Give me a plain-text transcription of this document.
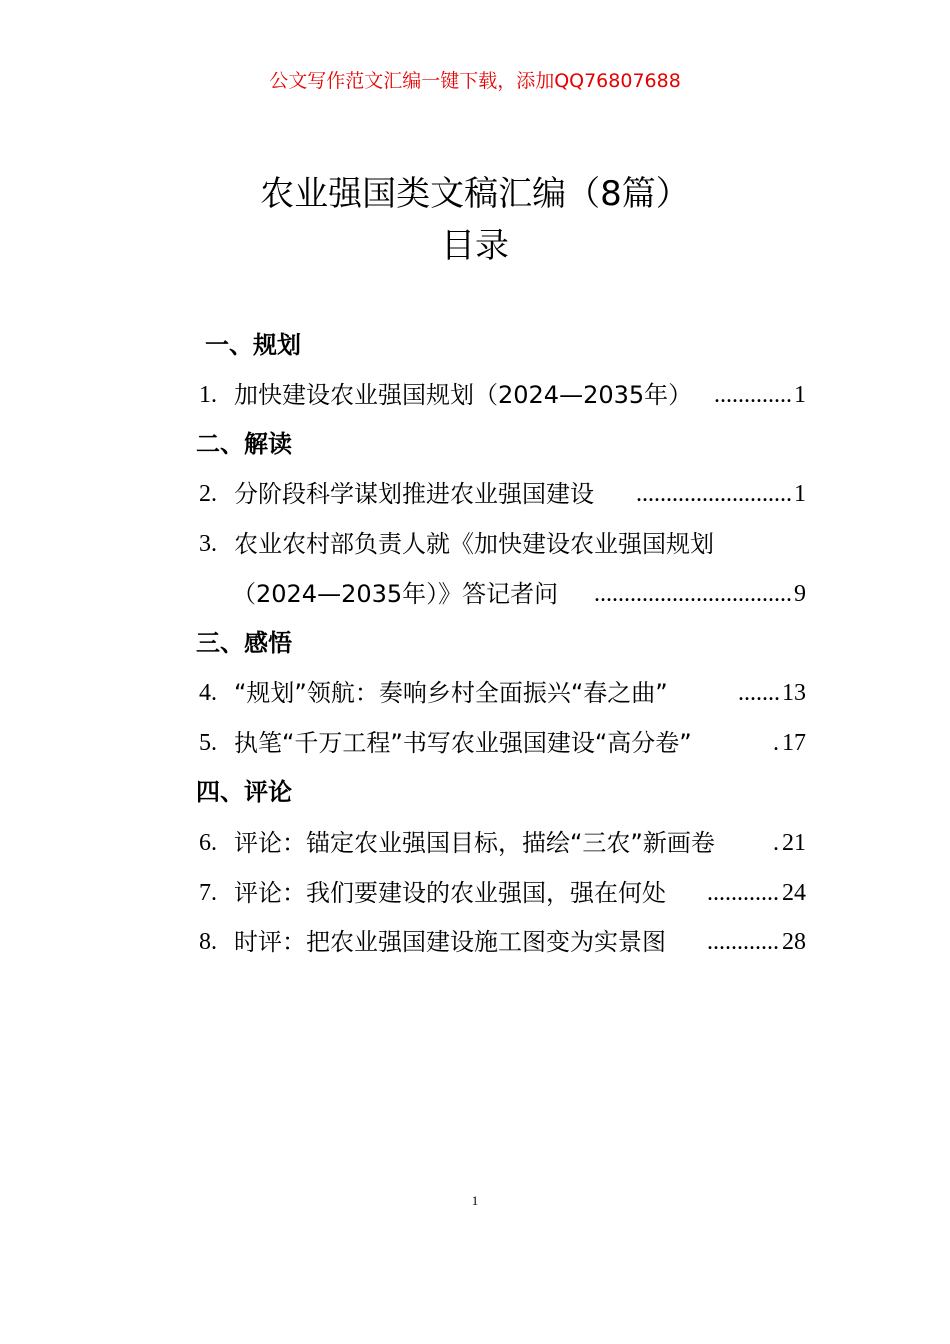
公文写作范文汇编一键下载，添加QQ76807688
农业强国类文稿汇编（8篇）
目录
一、规划
1. 加快建设农业强国规划（2024—2035年） ............. 1
二、解读
2. 分阶段科学谋划推进农业强国建设	.......................... 1
3. 农业农村部负责人就《加快建设农业强国规划
（2024—2035年）》答记者问	................................. 9
三、感悟
4. “规划”领航：奏响乡村全面振兴“春之曲”	....... 13
5. 执笔“千万工程”书写农业强国建设“高分卷”	. 17
四、评论
6. 评论：锚定农业强国目标，描绘“三农”新画卷 . 21
7. 评论：我们要建设的农业强国，强在何处	............ 24
8. 时评：把农业强国建设施工图变为实景图	............ 28
1
